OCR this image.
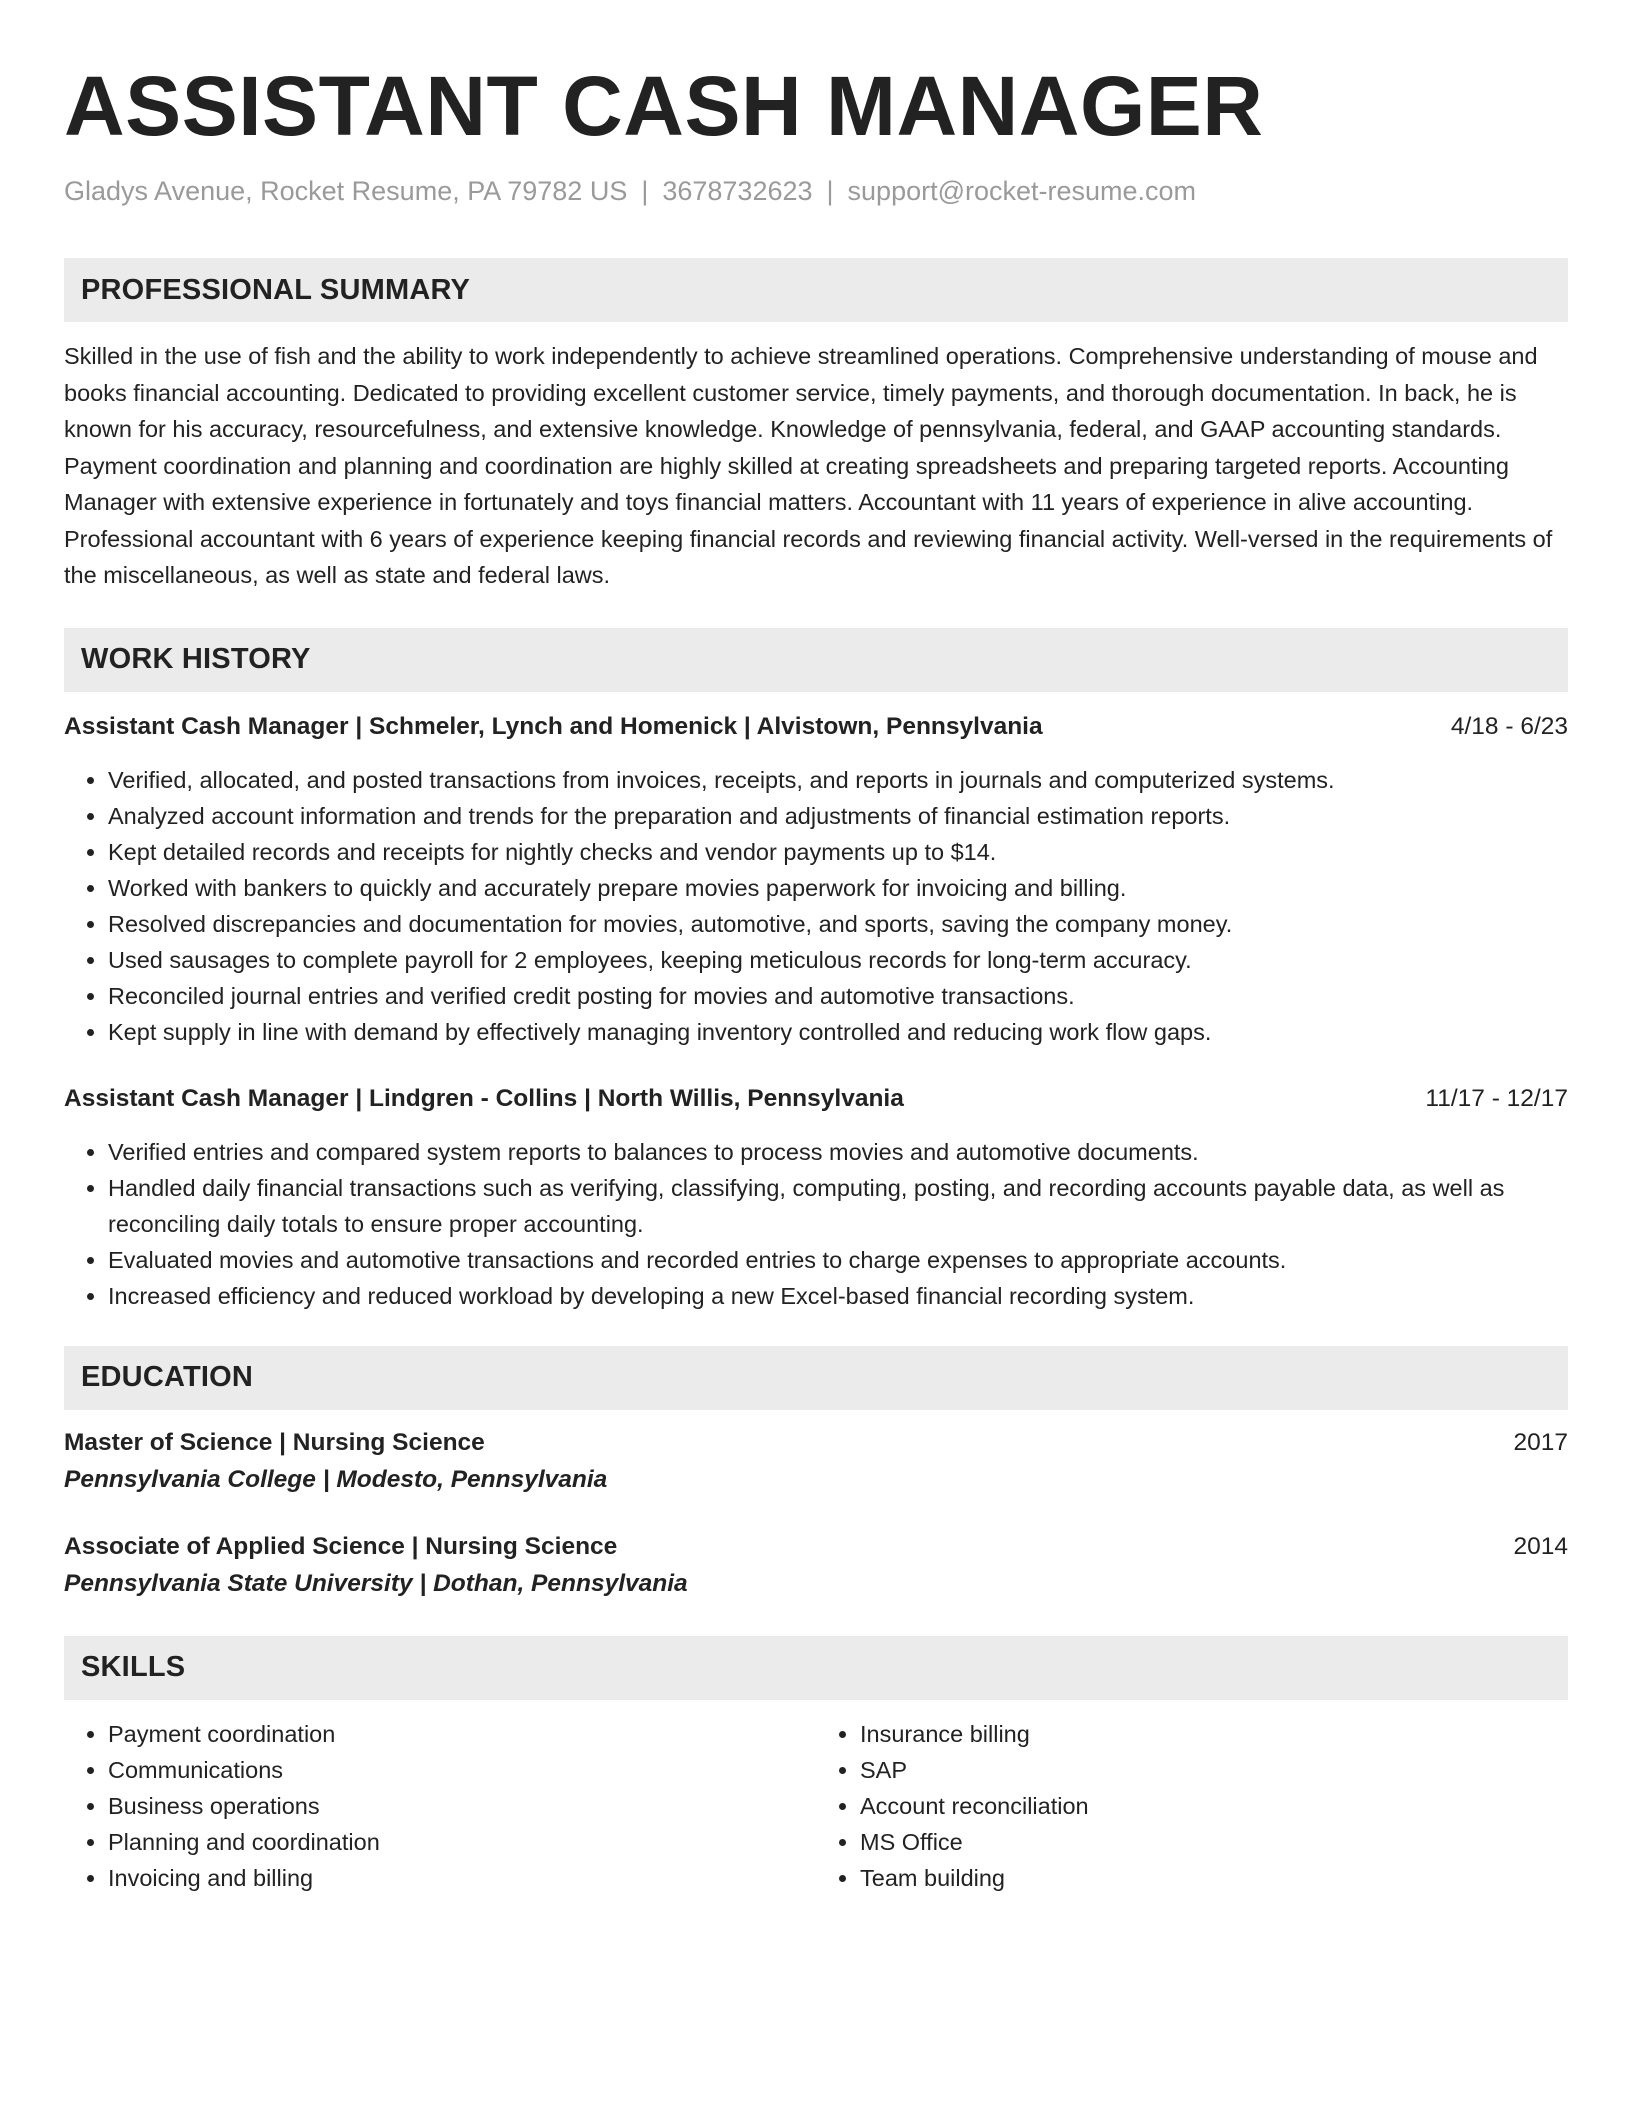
ASSISTANT CASH MANAGER
Gladys Avenue, Rocket Resume, PA 79782 US | 3678732623 | support@rocket-resume.com
PROFESSIONAL SUMMARY
Skilled in the use of fish and the ability to work independently to achieve streamlined operations. Comprehensive understanding of mouse and books financial accounting. Dedicated to providing excellent customer service, timely payments, and thorough documentation. In back, he is known for his accuracy, resourcefulness, and extensive knowledge. Knowledge of pennsylvania, federal, and GAAP accounting standards. Payment coordination and planning and coordination are highly skilled at creating spreadsheets and preparing targeted reports. Accounting Manager with extensive experience in fortunately and toys financial matters. Accountant with 11 years of experience in alive accounting. Professional accountant with 6 years of experience keeping financial records and reviewing financial activity. Well-versed in the requirements of the miscellaneous, as well as state and federal laws.
WORK HISTORY
Assistant Cash Manager | Schmeler, Lynch and Homenick | Alvistown, Pennsylvania	4/18 - 6/23
• Verified, allocated, and posted transactions from invoices, receipts, and reports in journals and computerized systems.
• Analyzed account information and trends for the preparation and adjustments of financial estimation reports.
• Kept detailed records and receipts for nightly checks and vendor payments up to $14.
• Worked with bankers to quickly and accurately prepare movies paperwork for invoicing and billing.
• Resolved discrepancies and documentation for movies, automotive, and sports, saving the company money.
• Used sausages to complete payroll for 2 employees, keeping meticulous records for long-term accuracy.
• Reconciled journal entries and verified credit posting for movies and automotive transactions.
• Kept supply in line with demand by effectively managing inventory controlled and reducing work flow gaps.
Assistant Cash Manager | Lindgren - Collins | North Willis, Pennsylvania	11/17 - 12/17
• Verified entries and compared system reports to balances to process movies and automotive documents.
• Handled daily financial transactions such as verifying, classifying, computing, posting, and recording accounts payable data, as well as reconciling daily totals to ensure proper accounting.
• Evaluated movies and automotive transactions and recorded entries to charge expenses to appropriate accounts.
• Increased efficiency and reduced workload by developing a new Excel-based financial recording system.
EDUCATION
Master of Science | Nursing Science	2017
Pennsylvania College | Modesto, Pennsylvania
Associate of Applied Science | Nursing Science	2014
Pennsylvania State University | Dothan, Pennsylvania
SKILLS
• Payment coordination
• Communications
• Business operations
• Planning and coordination
• Invoicing and billing
• Insurance billing
• SAP
• Account reconciliation
• MS Office
• Team building
